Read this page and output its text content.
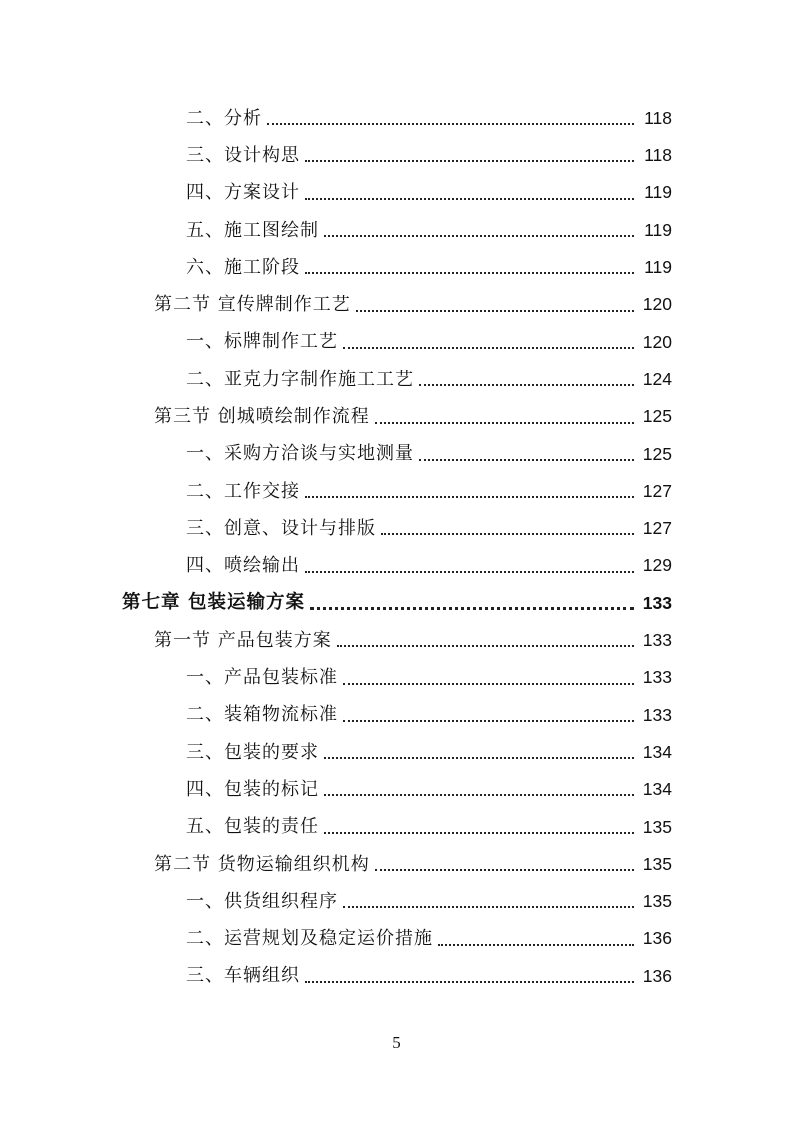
二、分析	118
三、设计构思	118
四、方案设计	119
五、施工图绘制	119
六、施工阶段	119
第二节 宣传牌制作工艺	120
一、标牌制作工艺	120
二、亚克力字制作施工工艺	124
第三节 创城喷绘制作流程	125
一、采购方洽谈与实地测量	125
二、工作交接	127
三、创意、设计与排版	127
四、喷绘输出	129
第七章 包装运输方案	133
第一节 产品包装方案	133
一、产品包装标准	133
二、装箱物流标准	133
三、包装的要求	134
四、包装的标记	134
五、包装的责任	135
第二节 货物运输组织机构	135
一、供货组织程序	135
二、运营规划及稳定运价措施	136
三、车辆组织	136
5
